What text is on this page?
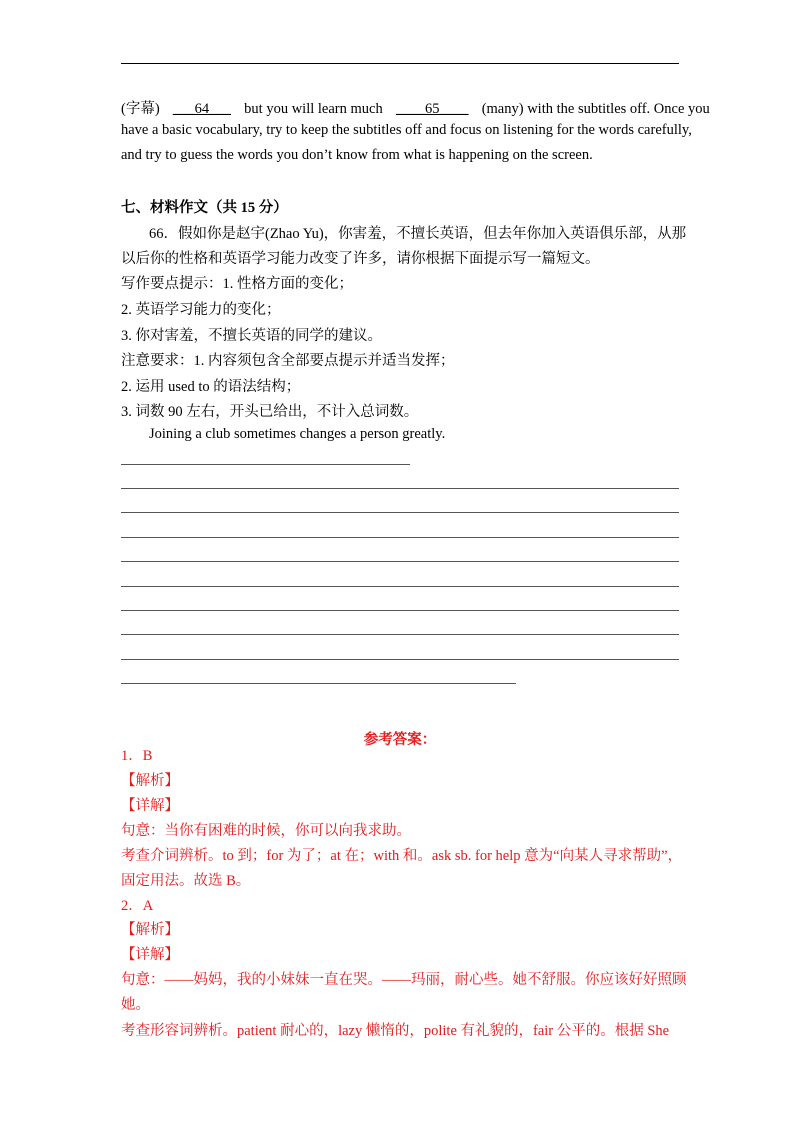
(字幕) ___64___ but you will learn much ____65____ (many) with the subtitles off. Once you
have a basic vocabulary, try to keep the subtitles off and focus on listening for the words carefully,
and try to guess the words you don’t know from what is happening on the screen.
七、材料作文（共 15 分）
66．假如你是赵宇(Zhao Yu)，你害羞，不擅长英语，但去年你加入英语俱乐部，从那
以后你的性格和英语学习能力改变了许多，请你根据下面提示写一篇短文。
写作要点提示：1. 性格方面的变化；
2. 英语学习能力的变化；
3. 你对害羞，不擅长英语的同学的建议。
注意要求：1. 内容须包含全部要点提示并适当发挥；
2. 运用 used to 的语法结构；
3. 词数 90 左右，开头已给出，不计入总词数。
Joining a club sometimes changes a person greatly.
参考答案：
1．B
【解析】
【详解】
句意：当你有困难的时候，你可以向我求助。
考查介词辨析。to 到；for 为了；at 在；with 和。ask sb. for help 意为“向某人寻求帮助”，
固定用法。故选 B。
2．A
【解析】
【详解】
句意：——妈妈，我的小妹妹一直在哭。——玛丽，耐心些。她不舒服。你应该好好照顾
她。
考查形容词辨析。patient 耐心的，lazy 懒惰的，polite 有礼貌的，fair 公平的。根据 She
